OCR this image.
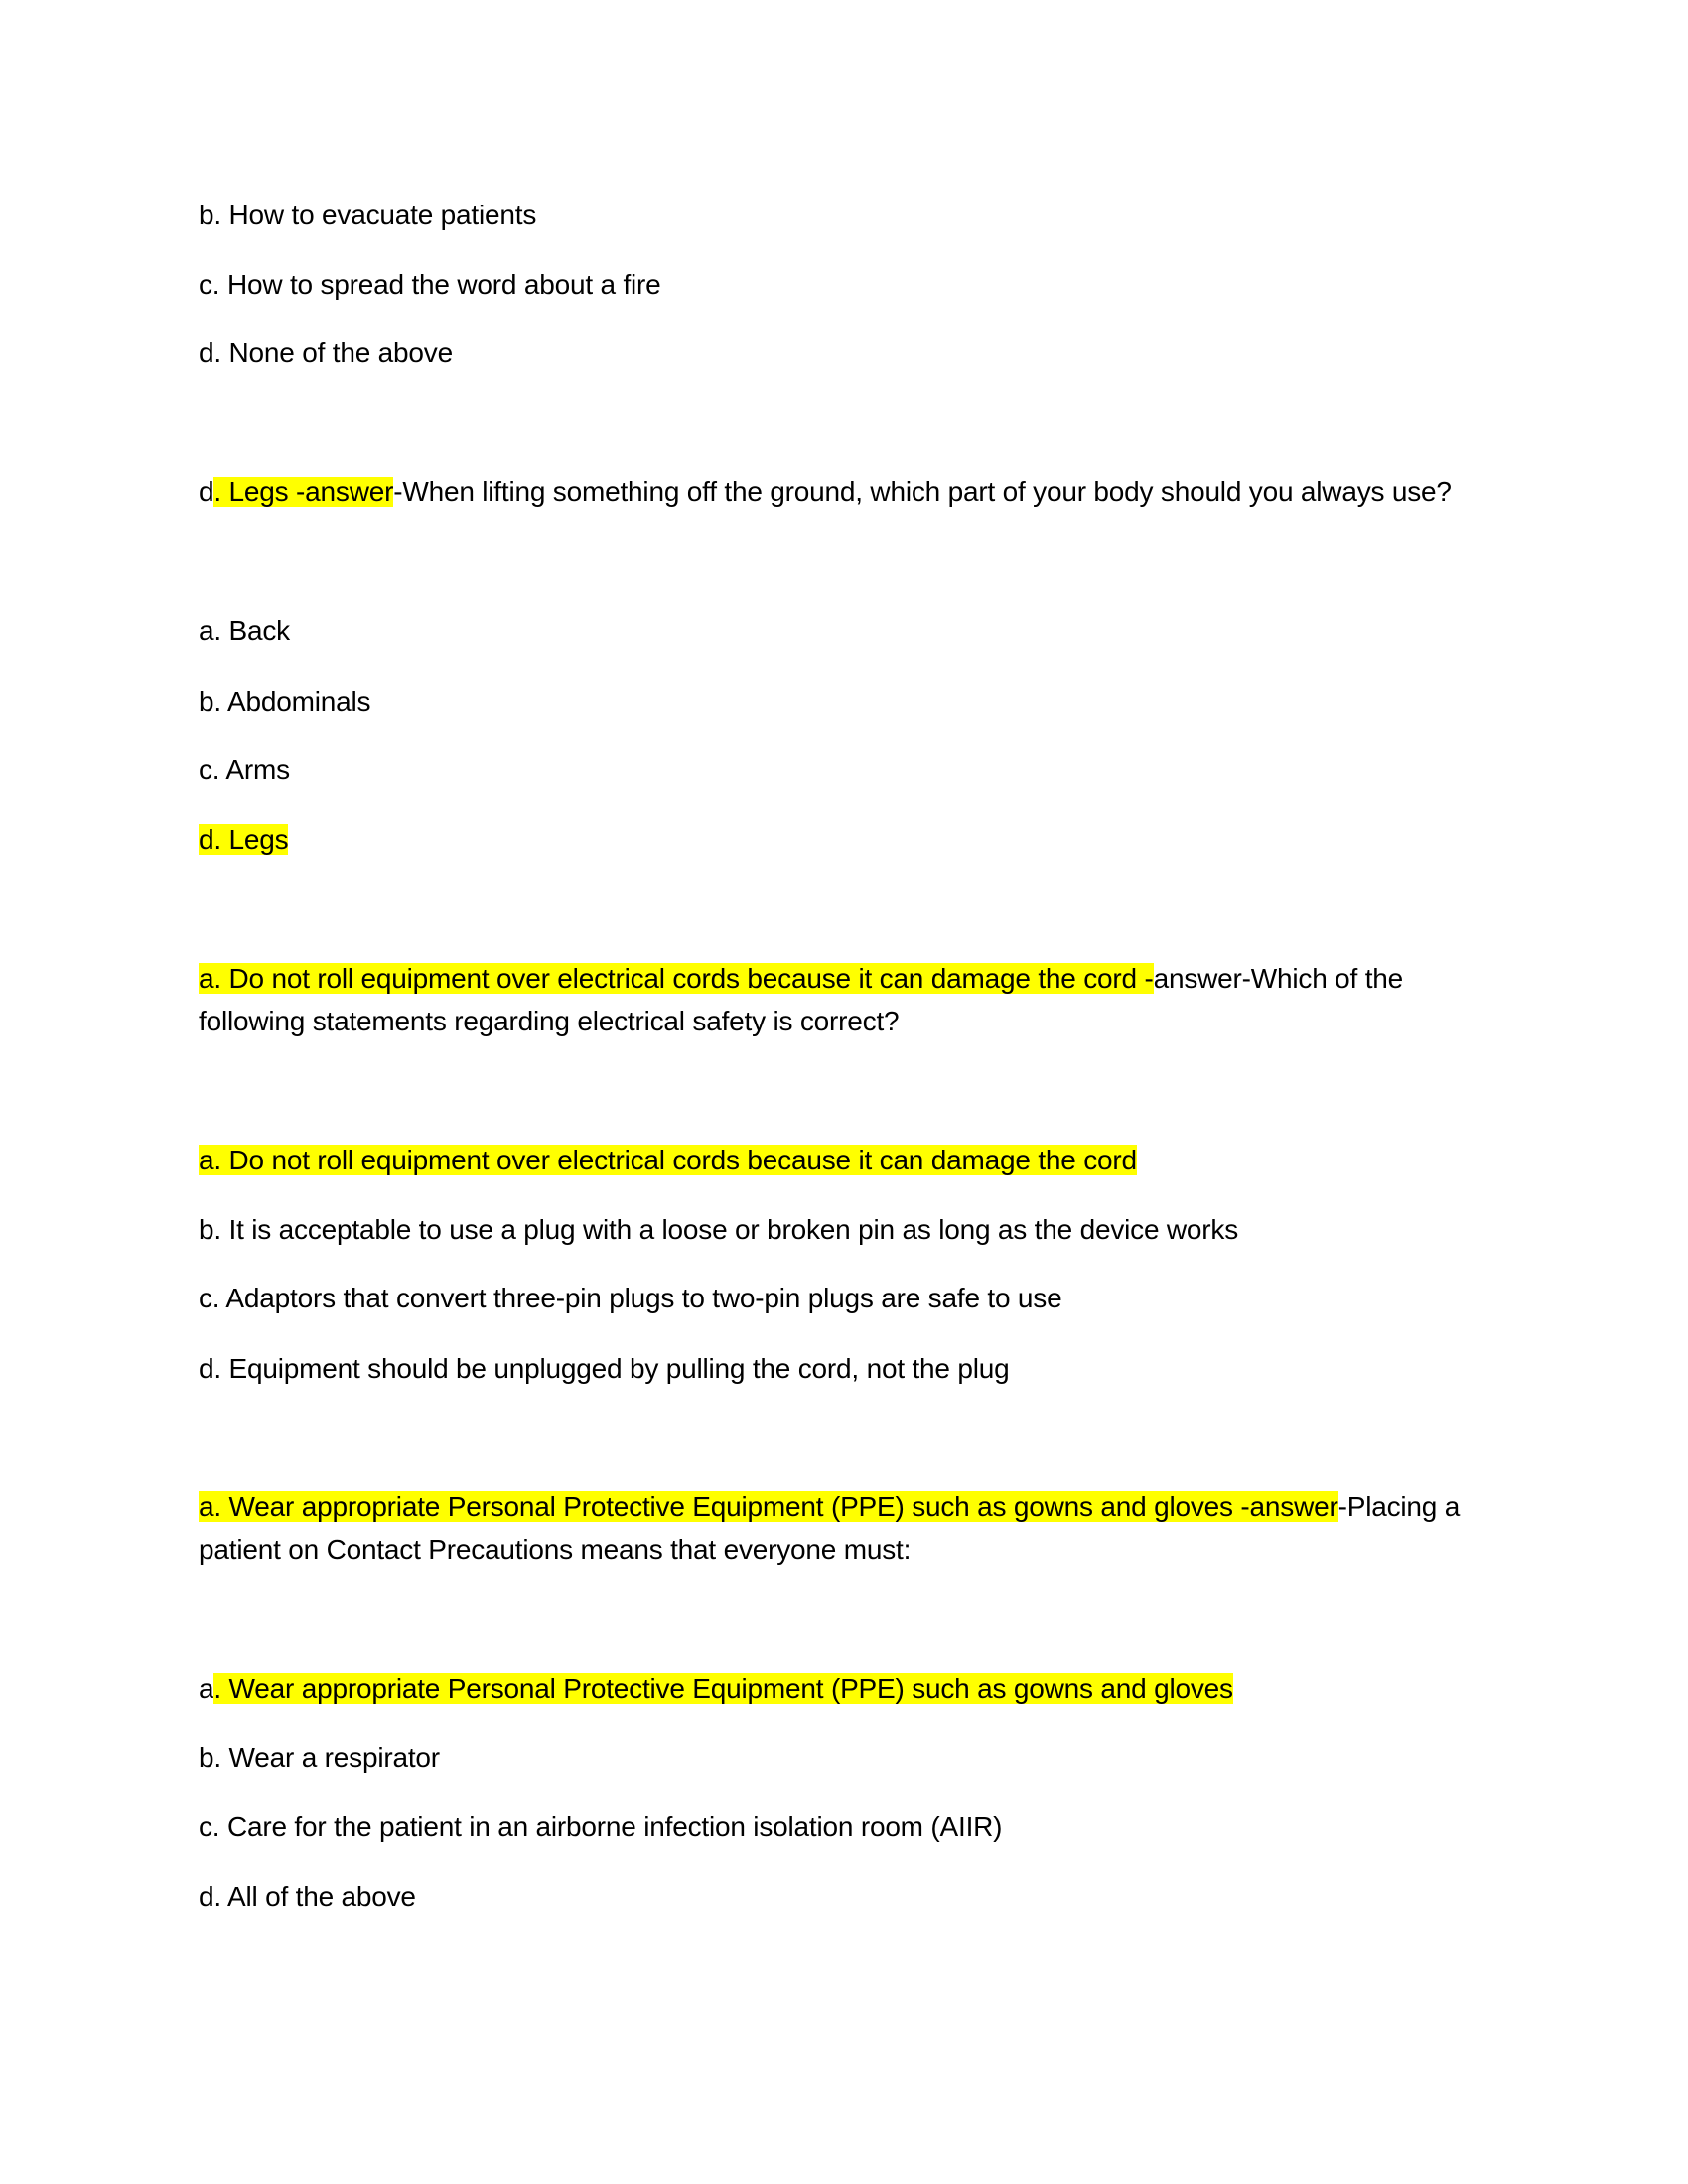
b. How to evacuate patients
c. How to spread the word about a fire
d. None of the above
d. Legs -answer-When lifting something off the ground, which part of your body should you always use?
a. Back
b. Abdominals
c. Arms
d. Legs
a. Do not roll equipment over electrical cords because it can damage the cord -answer-Which of the
following statements regarding electrical safety is correct?
a. Do not roll equipment over electrical cords because it can damage the cord
b. It is acceptable to use a plug with a loose or broken pin as long as the device works
c. Adaptors that convert three-pin plugs to two-pin plugs are safe to use
d. Equipment should be unplugged by pulling the cord, not the plug
a. Wear appropriate Personal Protective Equipment (PPE) such as gowns and gloves -answer-Placing a
patient on Contact Precautions means that everyone must:
a. Wear appropriate Personal Protective Equipment (PPE) such as gowns and gloves
b. Wear a respirator
c. Care for the patient in an airborne infection isolation room (AIIR)
d. All of the above
